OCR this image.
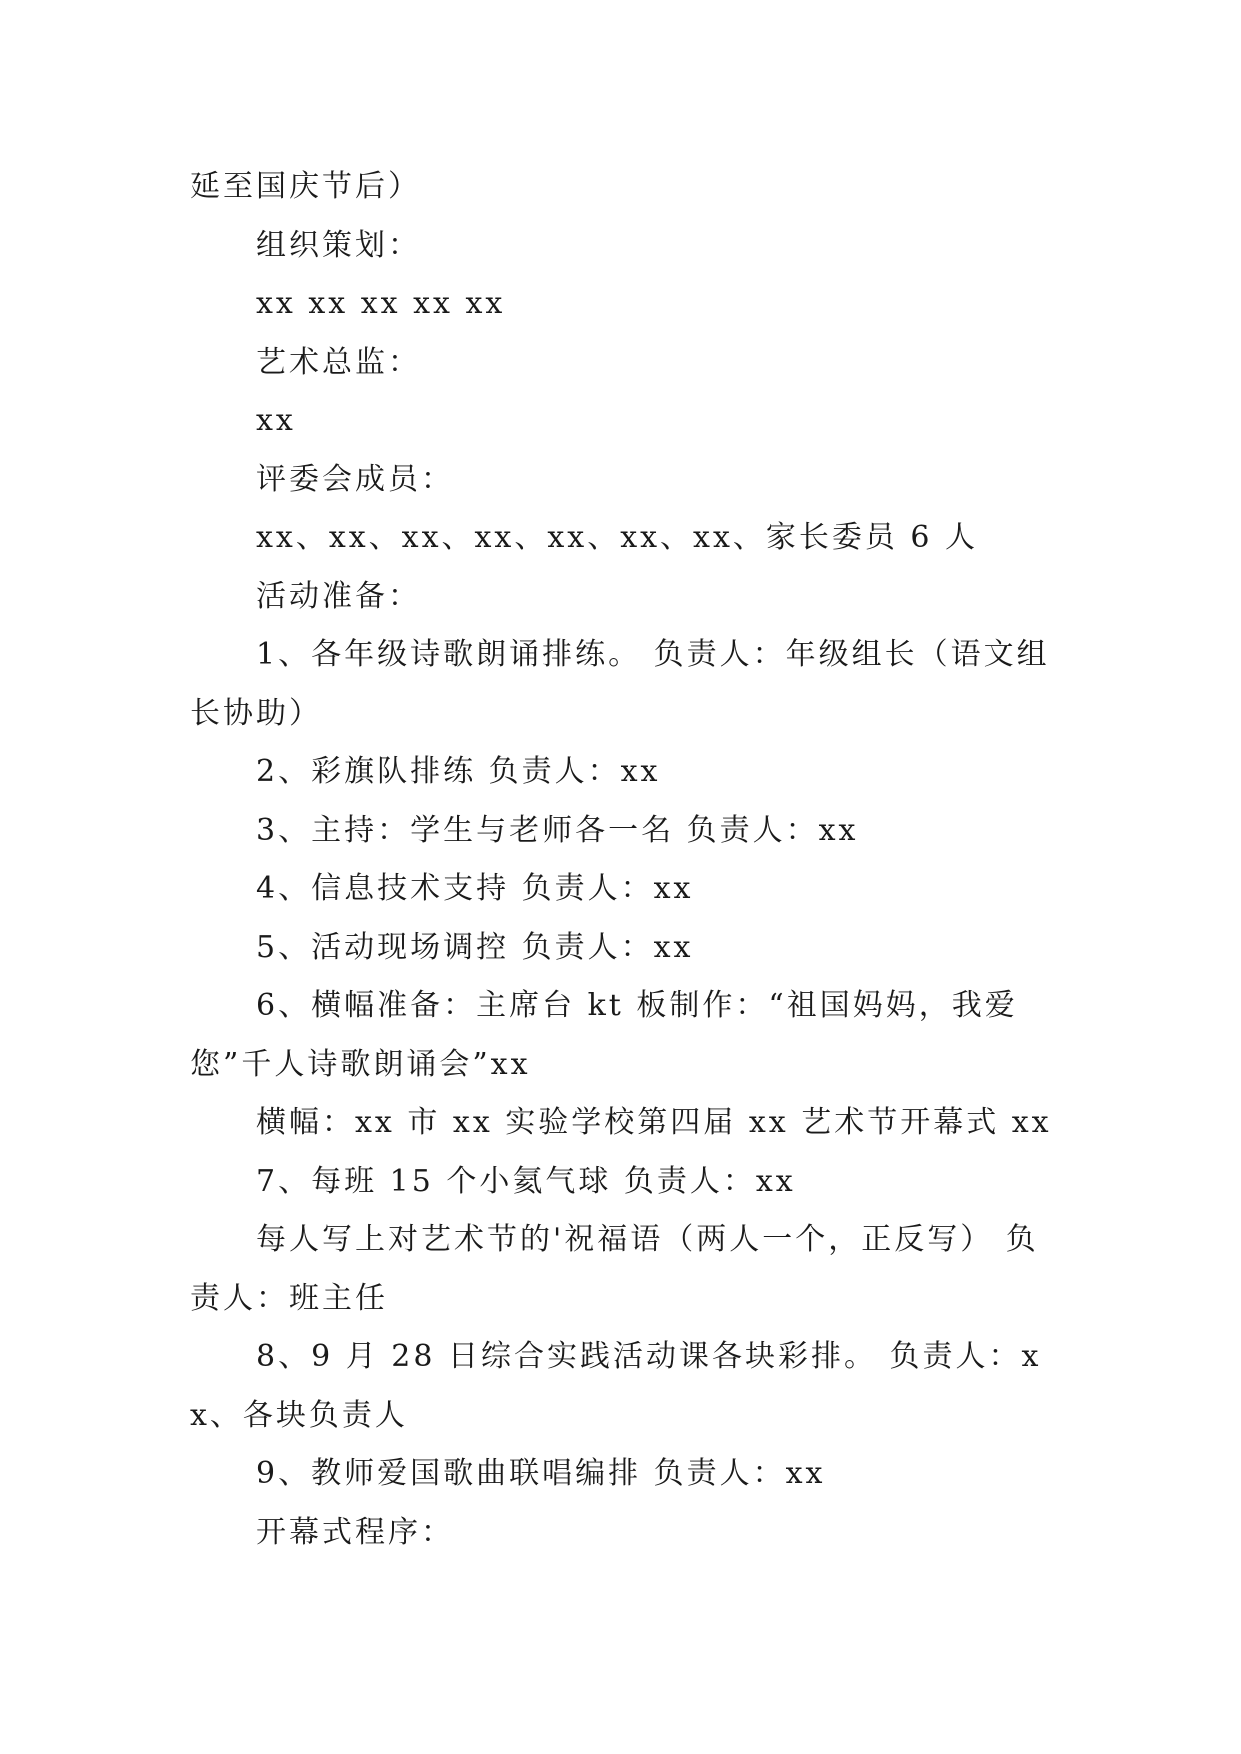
延至国庆节后）

组织策划：

xx xx xx xx xx

艺术总监：

xx

评委会成员：

xx、xx、xx、xx、xx、xx、xx、家长委员 6 人

活动准备：

1、各年级诗歌朗诵排练。 负责人：年级组长（语文组长协助）

2、彩旗队排练 负责人：xx

3、主持：学生与老师各一名 负责人：xx

4、信息技术支持 负责人：xx

5、活动现场调控 负责人：xx

6、横幅准备：主席台 kt 板制作：“祖国妈妈，我爱您”千人诗歌朗诵会”xx

横幅：xx 市 xx 实验学校第四届 xx 艺术节开幕式 xx

7、每班 15 个小氦气球 负责人：xx

每人写上对艺术节的'祝福语（两人一个，正反写） 负责人：班主任

8、9 月 28 日综合实践活动课各块彩排。 负责人：xx、各块负责人

9、教师爱国歌曲联唱编排 负责人：xx

开幕式程序：
